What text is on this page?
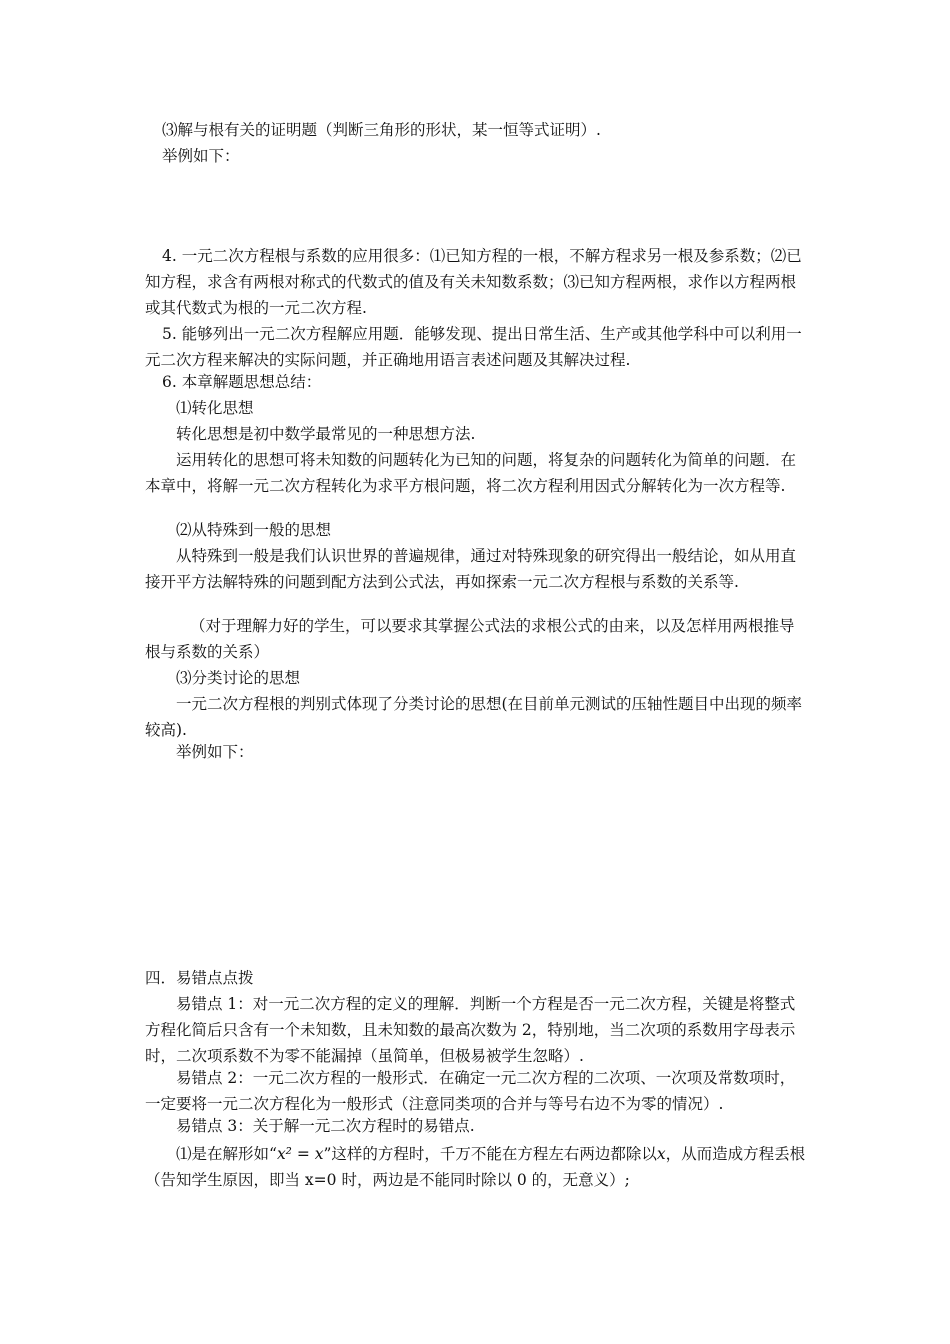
⑶解与根有关的证明题（判断三角形的形状，某一恒等式证明）.

举例如下：

4. 一元二次方程根与系数的应用很多：⑴已知方程的一根，不解方程求另一根及参系数；⑵已知方程，求含有两根对称式的代数式的值及有关未知数系数；⑶已知方程两根，求作以方程两根或其代数式为根的一元二次方程.

5. 能够列出一元二次方程解应用题．能够发现、提出日常生活、生产或其他学科中可以利用一元二次方程来解决的实际问题，并正确地用语言表述问题及其解决过程.

6. 本章解题思想总结：

⑴转化思想

转化思想是初中数学最常见的一种思想方法.

运用转化的思想可将未知数的问题转化为已知的问题，将复杂的问题转化为简单的问题．在本章中，将解一元二次方程转化为求平方根问题，将二次方程利用因式分解转化为一次方程等.

⑵从特殊到一般的思想

从特殊到一般是我们认识世界的普遍规律，通过对特殊现象的研究得出一般结论，如从用直接开平方法解特殊的问题到配方法到公式法，再如探索一元二次方程根与系数的关系等.

（对于理解力好的学生，可以要求其掌握公式法的求根公式的由来，以及怎样用两根推导根与系数的关系）

⑶分类讨论的思想

一元二次方程根的判别式体现了分类讨论的思想(在目前单元测试的压轴性题目中出现的频率较高).

举例如下：

四．易错点点拨

易错点 1：对一元二次方程的定义的理解．判断一个方程是否一元二次方程，关键是将整式方程化简后只含有一个未知数，且未知数的最高次数为 2，特别地，当二次项的系数用字母表示时，二次项系数不为零不能漏掉（虽简单，但极易被学生忽略）.

易错点 2：一元二次方程的一般形式．在确定一元二次方程的二次项、一次项及常数项时，一定要将一元二次方程化为一般形式（注意同类项的合并与等号右边不为零的情况）.

易错点 3：关于解一元二次方程时的易错点.

⑴是在解形如“x² = x”这样的方程时，千万不能在方程左右两边都除以x，从而造成方程丢根（告知学生原因，即当 x=0 时，两边是不能同时除以 0 的，无意义）;
